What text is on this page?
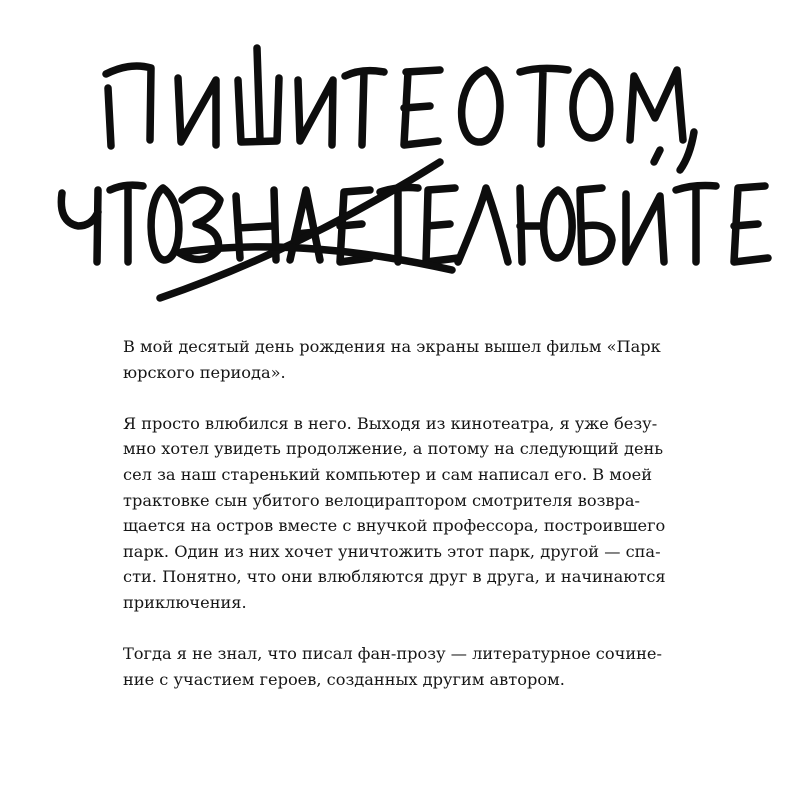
В мой десятый день рождения на экраны вышел фильм «Парк
юрского периода».

Я просто влюбился в него. Выходя из кинотеатра, я уже безу-
мно хотел увидеть продолжение, а потому на следующий день
сел за наш старенький компьютер и сам написал его. В моей
трактовке сын убитого велоцираптором смотрителя возвра-
щается на остров вместе с внучкой профессора, построившего
парк. Один из них хочет уничтожить этот парк, другой — спа-
сти. Понятно, что они влюбляются друг в друга, и начинаются
приключения.

Тогда я не знал, что писал фан-прозу — литературное сочине-
ние с участием героев, созданных другим автором.
